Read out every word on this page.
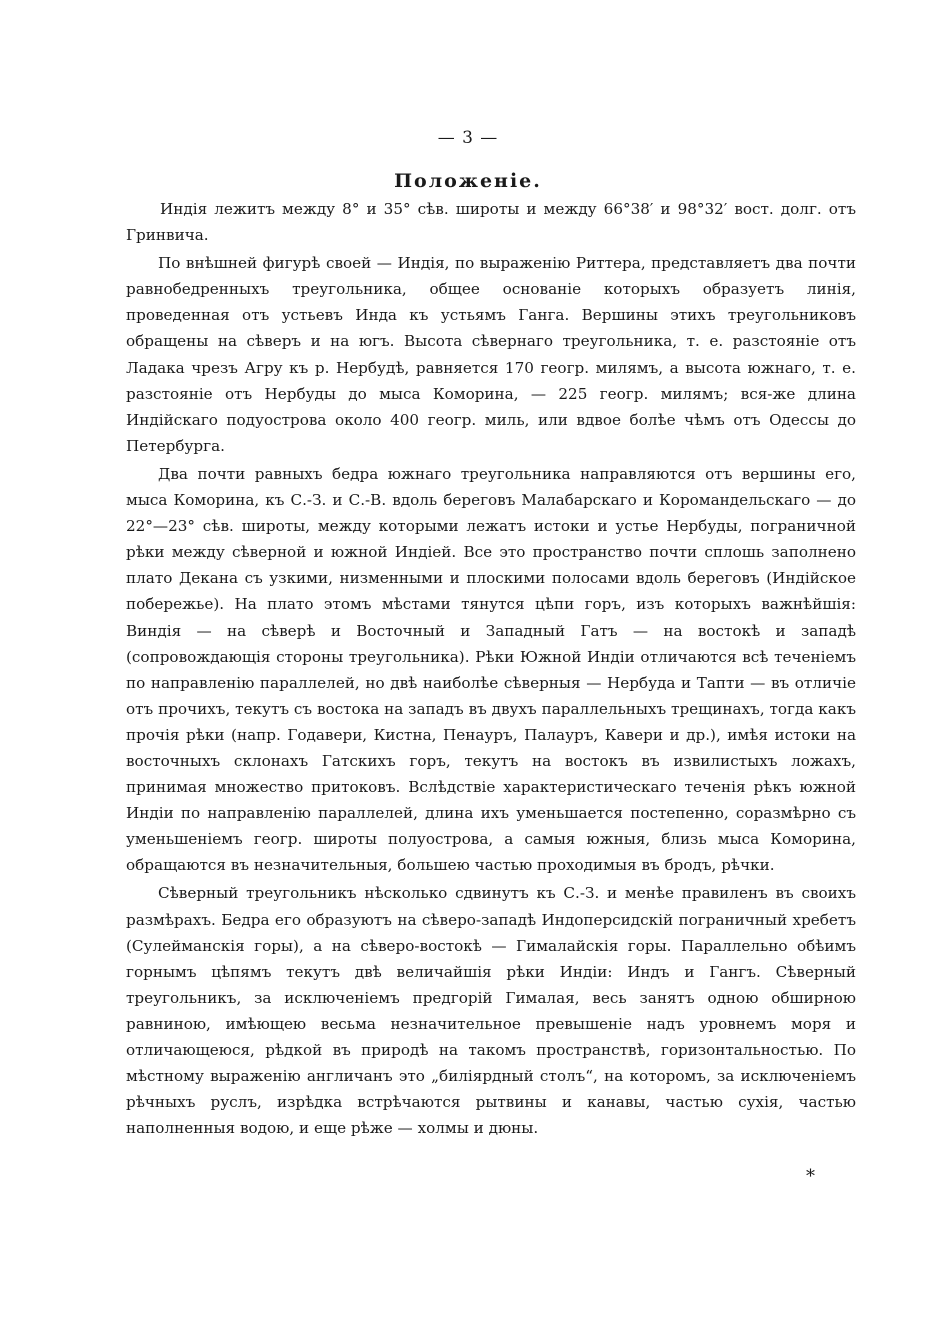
— 3 —
Положеніе.

Индія лежитъ между 8° и 35° сѣв. широты и между 66°38′ и 98°32′ вост. долг. отъ Гринвича.

По внѣшней фигурѣ своей — Индія, по выраженію Риттера, представляетъ два почти равнобедренныхъ треугольника, общее основаніе которыхъ образуетъ линія, проведенная отъ устьевъ Инда къ устьямъ Ганга. Вершины этихъ треугольниковъ обращены на сѣверъ и на югъ. Высота сѣвернаго треугольника, т. е. разстояніе отъ Ладака чрезъ Агру къ р. Нербудѣ, равняется 170 геогр. милямъ, а высота южнаго, т. е. разстояніе отъ Нербуды до мыса Коморина, — 225 геогр. милямъ; вся-же длина Индійскаго подуострова около 400 геогр. миль, или вдвое болѣе чѣмъ отъ Одессы до Петербурга.

Два почти равныхъ бедра южнаго треугольника направляются отъ вершины его, мыса Коморина, къ С.-З. и С.-В. вдоль береговъ Малабарскаго и Коромандельскаго — до 22°—23° сѣв. широты, между которыми лежатъ истоки и устье Нербуды, пограничной рѣки между сѣверной и южной Индіей. Все это пространство почти сплошь заполнено плато Декана съ узкими, низменными и плоскими полосами вдоль береговъ (Индійское побережье). На плато этомъ мѣстами тянутся цѣпи горъ, изъ которыхъ важнѣйшія: Виндія — на сѣверѣ и Восточный и Западный Гатъ — на востокѣ и западѣ (сопровождающія стороны треугольника). Рѣки Южной Индіи отличаются всѣ теченіемъ по направленію параллелей, но двѣ наиболѣе сѣверныя — Нербуда и Тапти — въ отличіе отъ прочихъ, текутъ съ востока на западъ въ двухъ параллельныхъ трещинахъ, тогда какъ прочія рѣки (напр. Годавери, Кистна, Пенауръ, Палауръ, Кавери и др.), имѣя истоки на восточныхъ склонахъ Гатскихъ горъ, текутъ на востокъ въ извилистыхъ ложахъ, принимая множество притоковъ. Вслѣдствіе характеристическаго теченія рѣкъ южной Индіи по направленію параллелей, длина ихъ уменьшается постепенно, соразмѣрно съ уменьшеніемъ геогр. широты полуострова, а самыя южныя, близь мыса Коморина, обращаются въ незначительныя, большею частью проходимыя въ бродъ, рѣчки.

Сѣверный треугольникъ нѣсколько сдвинутъ къ С.-З. и менѣе правиленъ въ своихъ размѣрахъ. Бедра его образуютъ на сѣверо-западѣ Индоперсидскій пограничный хребетъ (Сулейманскія горы), а на сѣверо-востокѣ — Гималайскія горы. Параллельно обѣимъ горнымъ цѣпямъ текутъ двѣ величайшія рѣки Индіи: Индъ и Гангъ. Сѣверный треугольникъ, за исключеніемъ предгорій Гималая, весь занятъ одною обширною равниною, имѣющею весьма незначительное превышеніе надъ уровнемъ моря и отличающеюся, рѣдкой въ природѣ на такомъ пространствѣ, горизонтальностью. По мѣстному выраженію англичанъ это „биліярдный столъ“, на которомъ, за исключеніемъ рѣчныхъ руслъ, изрѣдка встрѣчаются рытвины и канавы, частью сухія, частью наполненныя водою, и еще рѣже — холмы и дюны.

*
